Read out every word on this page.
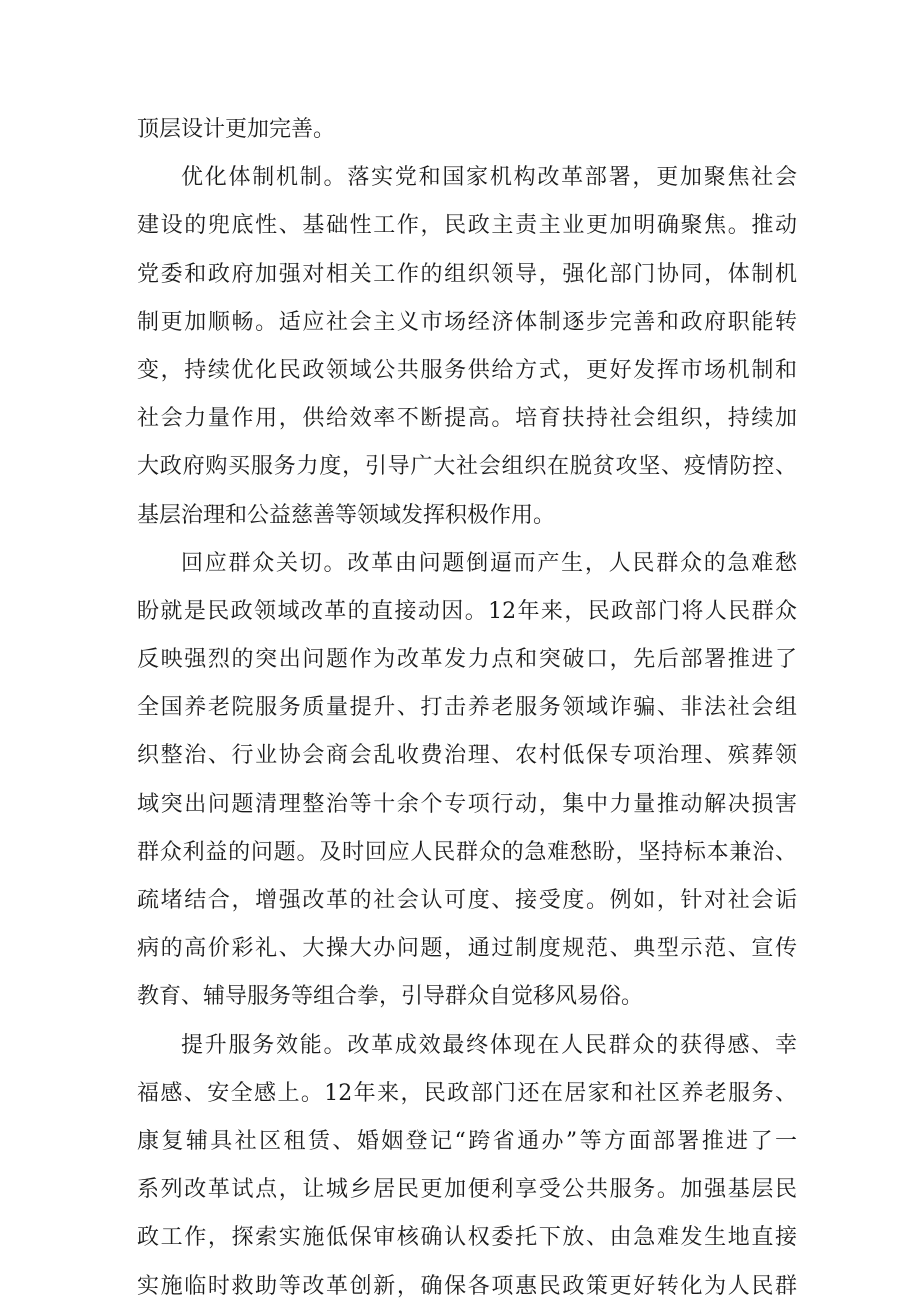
顶层设计更加完善。
优化体制机制。落实党和国家机构改革部署，更加聚焦社会
建设的兜底性、基础性工作，民政主责主业更加明确聚焦。推动
党委和政府加强对相关工作的组织领导，强化部门协同，体制机
制更加顺畅。适应社会主义市场经济体制逐步完善和政府职能转
变，持续优化民政领域公共服务供给方式，更好发挥市场机制和
社会力量作用，供给效率不断提高。培育扶持社会组织，持续加
大政府购买服务力度，引导广大社会组织在脱贫攻坚、疫情防控、
基层治理和公益慈善等领域发挥积极作用。
回应群众关切。改革由问题倒逼而产生，人民群众的急难愁
盼就是民政领域改革的直接动因。12年来，民政部门将人民群众
反映强烈的突出问题作为改革发力点和突破口，先后部署推进了
全国养老院服务质量提升、打击养老服务领域诈骗、非法社会组
织整治、行业协会商会乱收费治理、农村低保专项治理、殡葬领
域突出问题清理整治等十余个专项行动，集中力量推动解决损害
群众利益的问题。及时回应人民群众的急难愁盼，坚持标本兼治、
疏堵结合，增强改革的社会认可度、接受度。例如，针对社会诟
病的高价彩礼、大操大办问题，通过制度规范、典型示范、宣传
教育、辅导服务等组合拳，引导群众自觉移风易俗。
提升服务效能。改革成效最终体现在人民群众的获得感、幸
福感、安全感上。12年来，民政部门还在居家和社区养老服务、
康复辅具社区租赁、婚姻登记“跨省通办”等方面部署推进了一
系列改革试点，让城乡居民更加便利享受公共服务。加强基层民
政工作，探索实施低保审核确认权委托下放、由急难发生地直接
实施临时救助等改革创新，确保各项惠民政策更好转化为人民群
